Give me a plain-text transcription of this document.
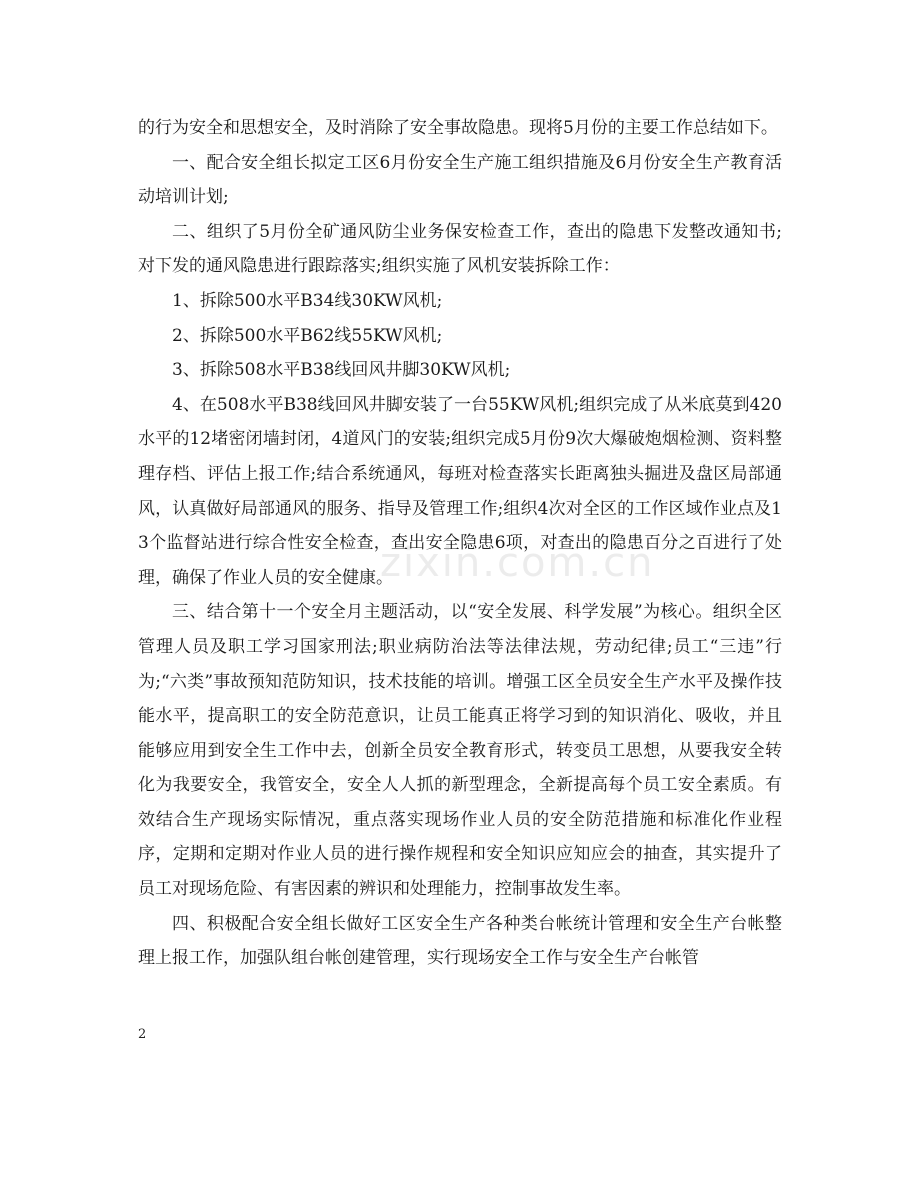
的行为安全和思想安全，及时消除了安全事故隐患。现将5月份的主要工作总结如下。

一、配合安全组长拟定工区6月份安全生产施工组织措施及6月份安全生产教育活动培训计划;

二、组织了5月份全矿通风防尘业务保安检查工作，查出的隐患下发整改通知书;对下发的通风隐患进行跟踪落实;组织实施了风机安装拆除工作：

1、拆除500水平B34线30KW风机;

2、拆除500水平B62线55KW风机;

3、拆除508水平B38线回风井脚30KW风机;

4、在508水平B38线回风井脚安装了一台55KW风机;组织完成了从米底莫到420水平的12堵密闭墙封闭，4道风门的安装;组织完成5月份9次大爆破炮烟检测、资料整理存档、评估上报工作;结合系统通风，每班对检查落实长距离独头掘进及盘区局部通风，认真做好局部通风的服务、指导及管理工作;组织4次对全区的工作区域作业点及13个监督站进行综合性安全检查，查出安全隐患6项，对查出的隐患百分之百进行了处理，确保了作业人员的安全健康。

三、结合第十一个安全月主题活动，以“安全发展、科学发展”为核心。组织全区管理人员及职工学习国家刑法;职业病防治法等法律法规，劳动纪律;员工“三违”行为;“六类”事故预知范防知识，技术技能的培训。增强工区全员安全生产水平及操作技能水平，提高职工的安全防范意识，让员工能真正将学习到的知识消化、吸收，并且能够应用到安全生工作中去，创新全员安全教育形式，转变员工思想，从要我安全转化为我要安全，我管安全，安全人人抓的新型理念，全新提高每个员工安全素质。有效结合生产现场实际情况，重点落实现场作业人员的安全防范措施和标准化作业程序，定期和定期对作业人员的进行操作规程和安全知识应知应会的抽查，其实提升了员工对现场危险、有害因素的辨识和处理能力，控制事故发生率。

四、积极配合安全组长做好工区安全生产各种类台帐统计管理和安全生产台帐整理上报工作，加强队组台帐创建管理，实行现场安全工作与安全生产台帐管

zixin.com.cn
2
